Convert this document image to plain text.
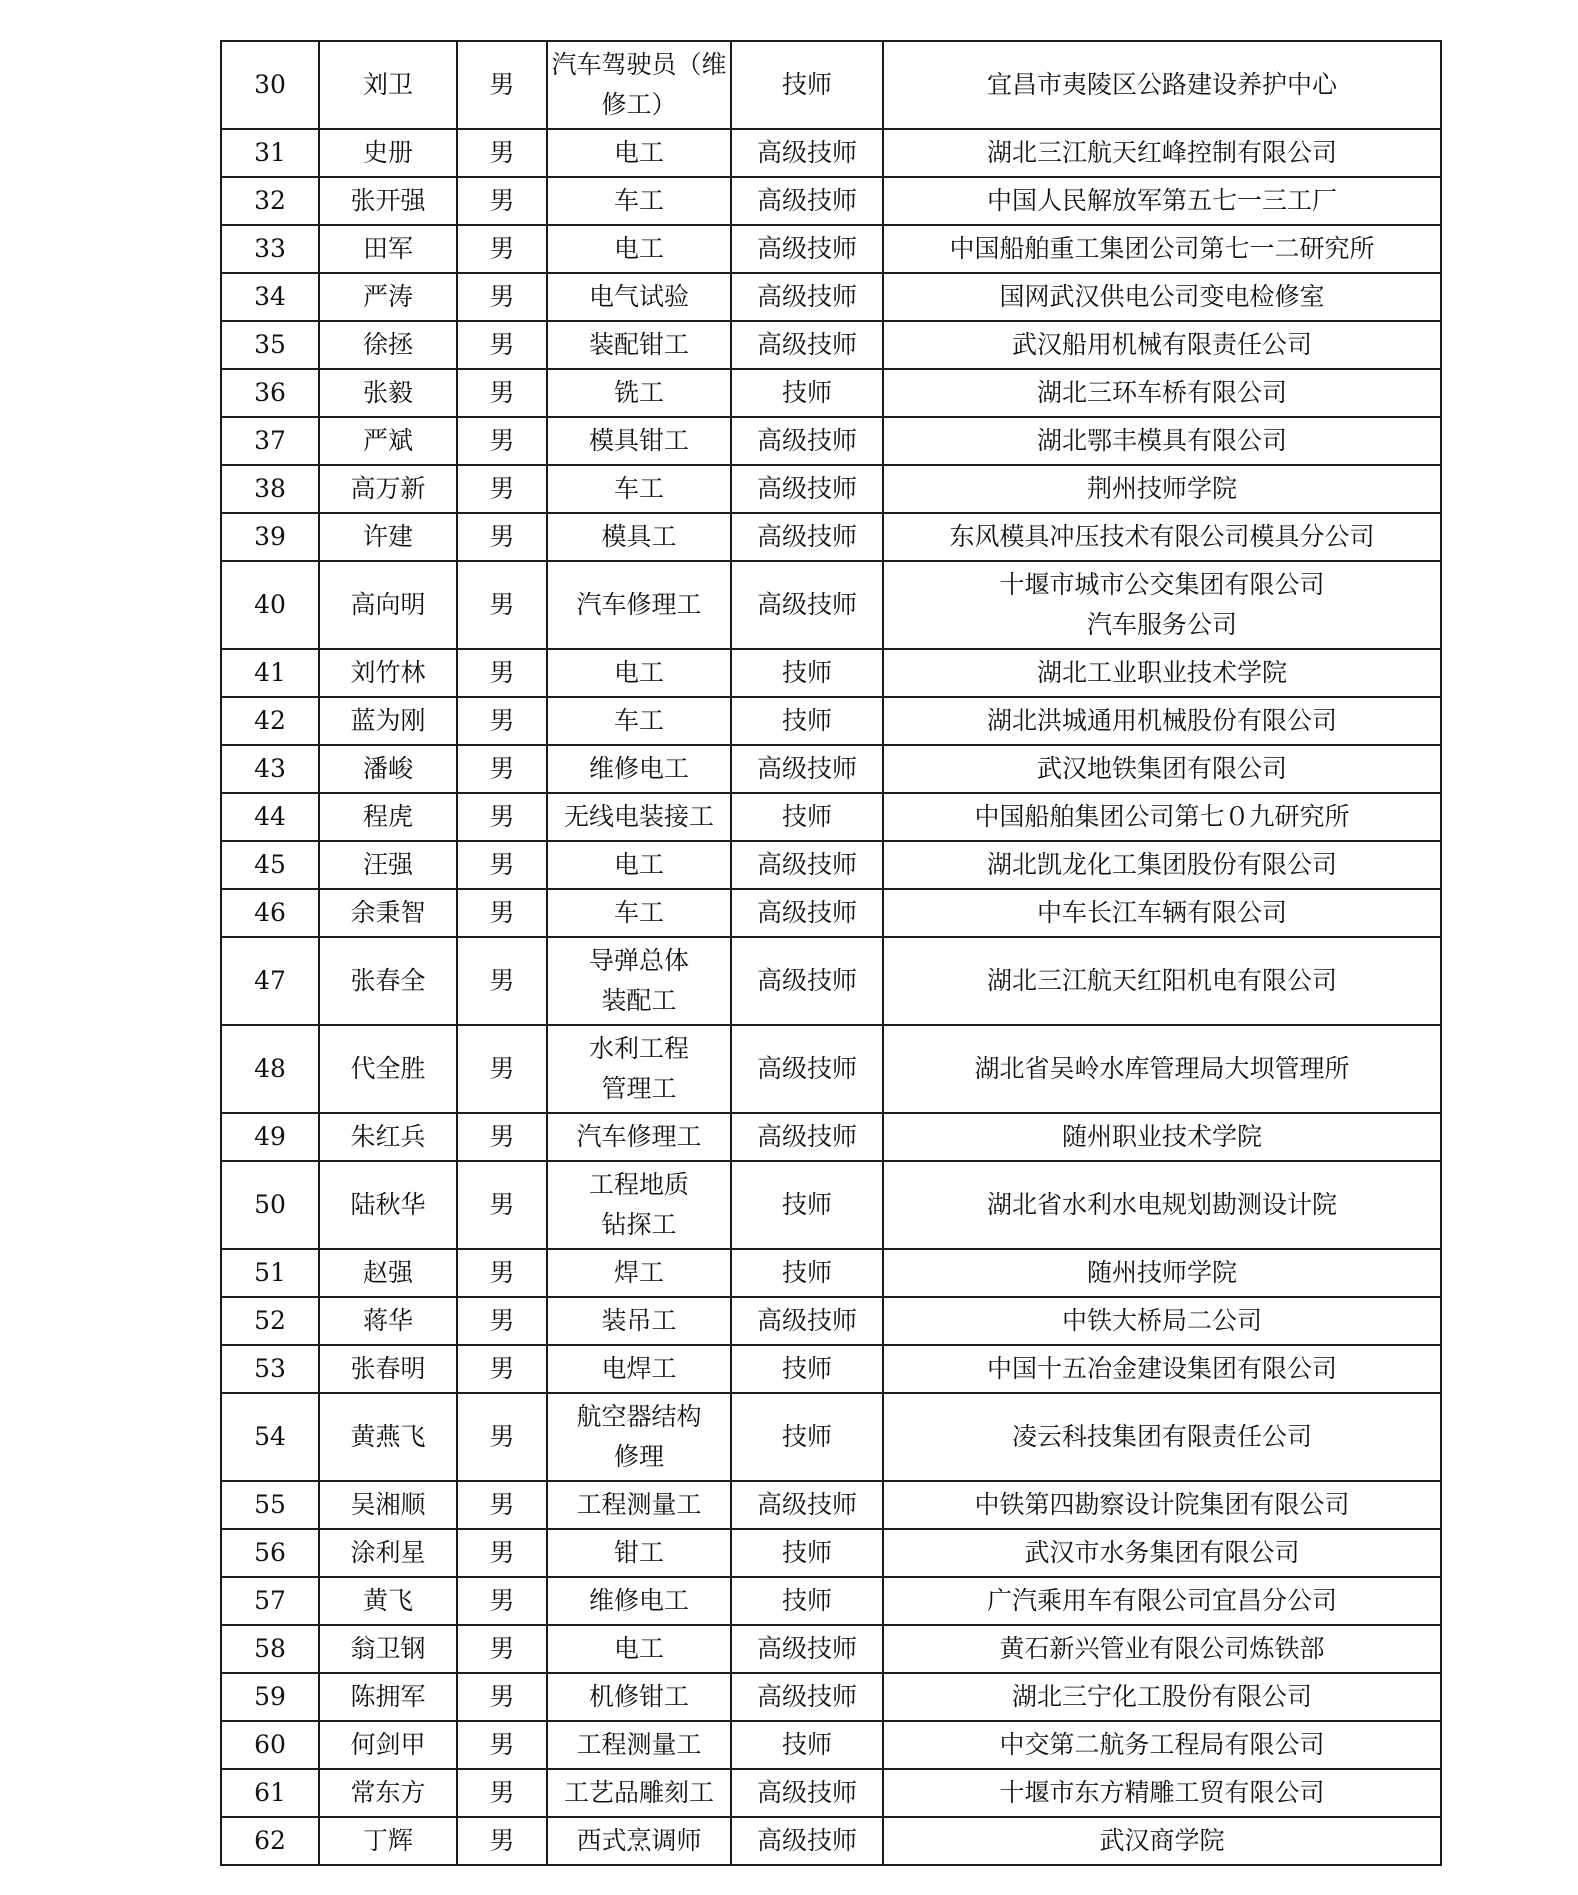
30	刘卫	男	汽车驾驶员（维
修工）	技师	宜昌市夷陵区公路建设养护中心
31	史册	男	电工	高级技师	湖北三江航天红峰控制有限公司
32	张开强	男	车工	高级技师	中国人民解放军第五七一三工厂
33	田军	男	电工	高级技师	中国船舶重工集团公司第七一二研究所
34	严涛	男	电气试验	高级技师	国网武汉供电公司变电检修室
35	徐拯	男	装配钳工	高级技师	武汉船用机械有限责任公司
36	张毅	男	铣工	技师	湖北三环车桥有限公司
37	严斌	男	模具钳工	高级技师	湖北鄂丰模具有限公司
38	高万新	男	车工	高级技师	荆州技师学院
39	许建	男	模具工	高级技师	东风模具冲压技术有限公司模具分公司
40	高向明	男	汽车修理工	高级技师	十堰市城市公交集团有限公司
汽车服务公司
41	刘竹林	男	电工	技师	湖北工业职业技术学院
42	蓝为刚	男	车工	技师	湖北洪城通用机械股份有限公司
43	潘峻	男	维修电工	高级技师	武汉地铁集团有限公司
44	程虎	男	无线电装接工	技师	中国船舶集团公司第七０九研究所
45	汪强	男	电工	高级技师	湖北凯龙化工集团股份有限公司
46	余秉智	男	车工	高级技师	中车长江车辆有限公司
47	张春全	男	导弹总体
装配工	高级技师	湖北三江航天红阳机电有限公司
48	代全胜	男	水利工程
管理工	高级技师	湖北省吴岭水库管理局大坝管理所
49	朱红兵	男	汽车修理工	高级技师	随州职业技术学院
50	陆秋华	男	工程地质
钻探工	技师	湖北省水利水电规划勘测设计院
51	赵强	男	焊工	技师	随州技师学院
52	蒋华	男	装吊工	高级技师	中铁大桥局二公司
53	张春明	男	电焊工	技师	中国十五冶金建设集团有限公司
54	黄燕飞	男	航空器结构
修理	技师	凌云科技集团有限责任公司
55	吴湘顺	男	工程测量工	高级技师	中铁第四勘察设计院集团有限公司
56	涂利星	男	钳工	技师	武汉市水务集团有限公司
57	黄飞	男	维修电工	技师	广汽乘用车有限公司宜昌分公司
58	翁卫钢	男	电工	高级技师	黄石新兴管业有限公司炼铁部
59	陈拥军	男	机修钳工	高级技师	湖北三宁化工股份有限公司
60	何剑甲	男	工程测量工	技师	中交第二航务工程局有限公司
61	常东方	男	工艺品雕刻工	高级技师	十堰市东方精雕工贸有限公司
62	丁辉	男	西式烹调师	高级技师	武汉商学院
